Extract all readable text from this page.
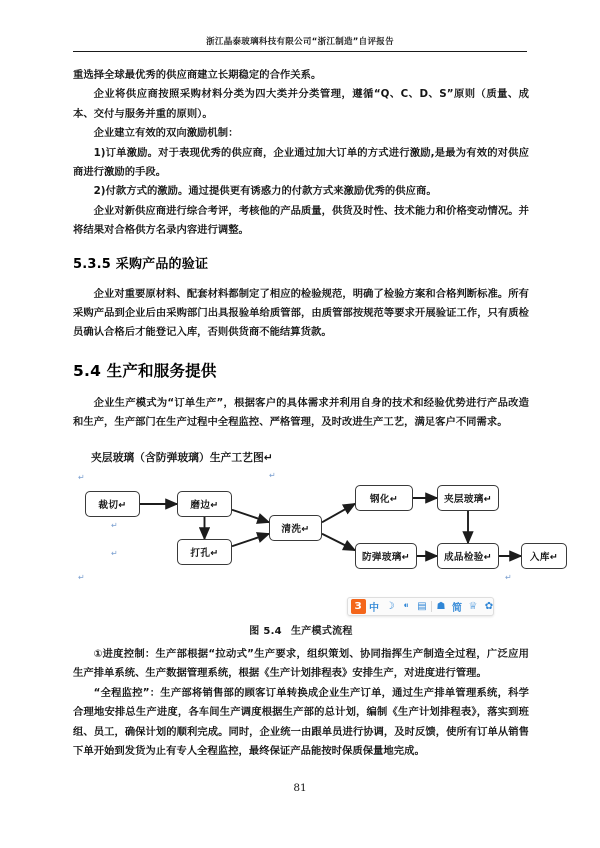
浙江晶泰玻璃科技有限公司“浙江制造”自评报告

重选择全球最优秀的供应商建立长期稳定的合作关系。

企业将供应商按照采购材料分类为四大类并分类管理，遵循“Q、C、D、S”原则（质量、成本、交付与服务并重的原则）。

企业建立有效的双向激励机制：

1)订单激励。对于表现优秀的供应商，企业通过加大订单的方式进行激励,是最为有效的对供应商进行激励的手段。

2)付款方式的激励。通过提供更有诱惑力的付款方式来激励优秀的供应商。

企业对新供应商进行综合考评，考核他的产品质量，供货及时性、技术能力和价格变动情况。并将结果对合格供方名录内容进行调整。

5.3.5 采购产品的验证

企业对重要原材料、配套材料都制定了相应的检验规范，明确了检验方案和合格判断标准。所有采购产品到企业后由采购部门出具报验单给质管部，由质管部按规范等要求开展验证工作，只有质检员确认合格后才能登记入库，否则供货商不能结算货款。

5.4 生产和服务提供

企业生产模式为“订单生产”，根据客户的具体需求并利用自身的技术和经验优势进行产品改造和生产，生产部门在生产过程中全程监控、严格管理，及时改进生产工艺，满足客户不同需求。

夹层玻璃（含防弹玻璃）生产工艺图↵

裁切↵	磨边↵
打孔↵
清洗↵
钢化↵	夹层玻璃↵
防弹玻璃↵	成品检验↵	入库↵
↵
↵
↵
↵
↵
↵
З 中 ☽ ⁌ ▤ ☗ 简 ♕ ✿
图 5.4 生产模式流程

①进度控制：生产部根据“拉动式”生产要求，组织策划、协同指挥生产制造全过程，广泛应用生产排单系统、生产数据管理系统，根据《生产计划排程表》安排生产，对进度进行管理。

“全程监控”：生产部将销售部的顾客订单转换成企业生产订单，通过生产排单管理系统，科学合理地安排总生产进度，各车间生产调度根据生产部的总计划，编制《生产计划排程表》，落实到班组、员工，确保计划的顺利完成。同时，企业统一由跟单员进行协调，及时反馈，使所有订单从销售下单开始到发货为止有专人全程监控，最终保证产品能按时保质保量地完成。

81
